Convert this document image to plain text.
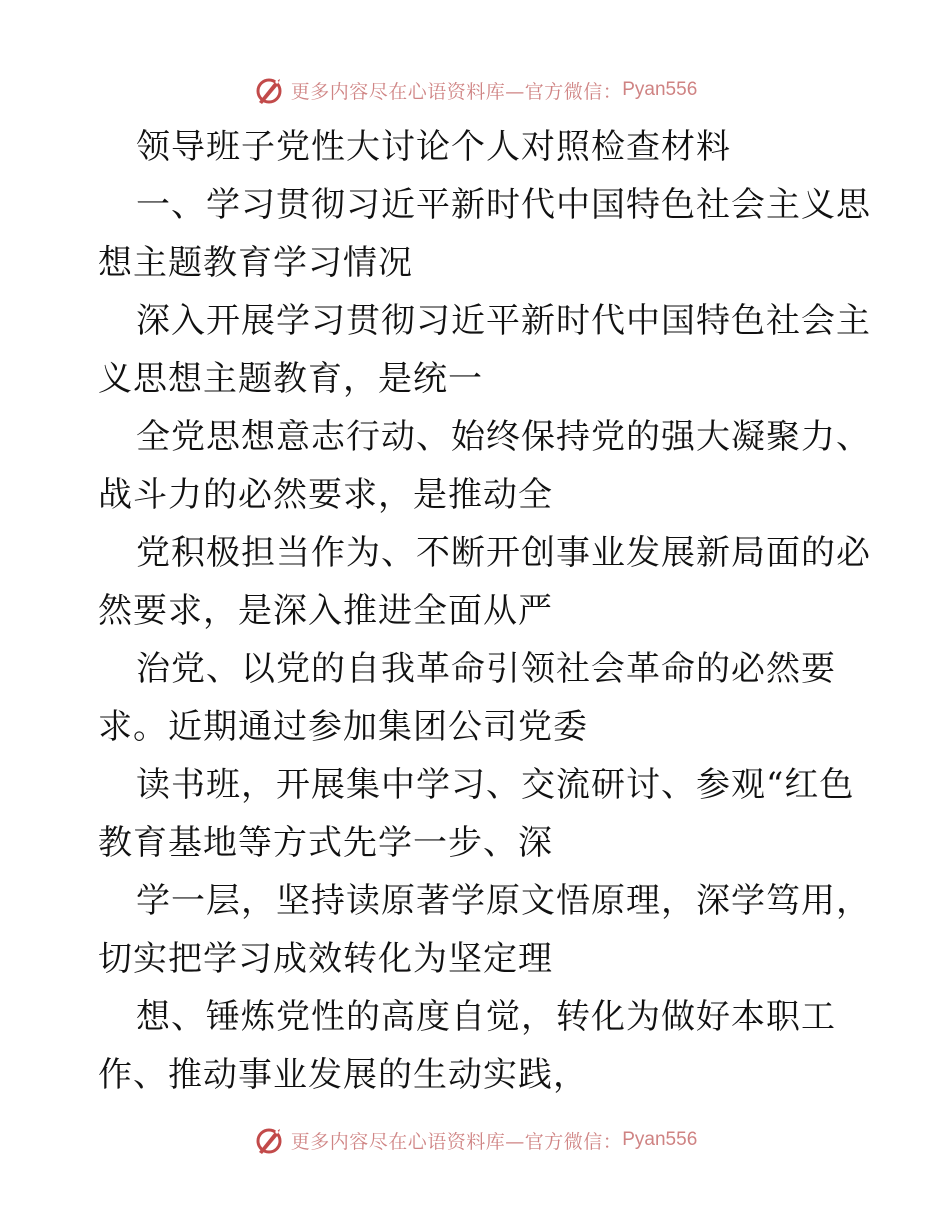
更多内容尽在心语资料库—官方微信： Pyan556
领导班子党性大讨论个人对照检查材料
一、学习贯彻习近平新时代中国特色社会主义思
想主题教育学习情况
深入开展学习贯彻习近平新时代中国特色社会主
义思想主题教育，是统一
全党思想意志行动、始终保持党的强大凝聚力、
战斗力的必然要求，是推动全
党积极担当作为、不断开创事业发展新局面的必
然要求，是深入推进全面从严
治党、以党的自我革命引领社会革命的必然要
求。近期通过参加集团公司党委
读书班，开展集中学习、交流研讨、参观“红色
教育基地等方式先学一步、深
学一层，坚持读原著学原文悟原理，深学笃用，
切实把学习成效转化为坚定理
想、锤炼党性的高度自觉，转化为做好本职工
作、推动事业发展的生动实践，
更多内容尽在心语资料库—官方微信： Pyan556
